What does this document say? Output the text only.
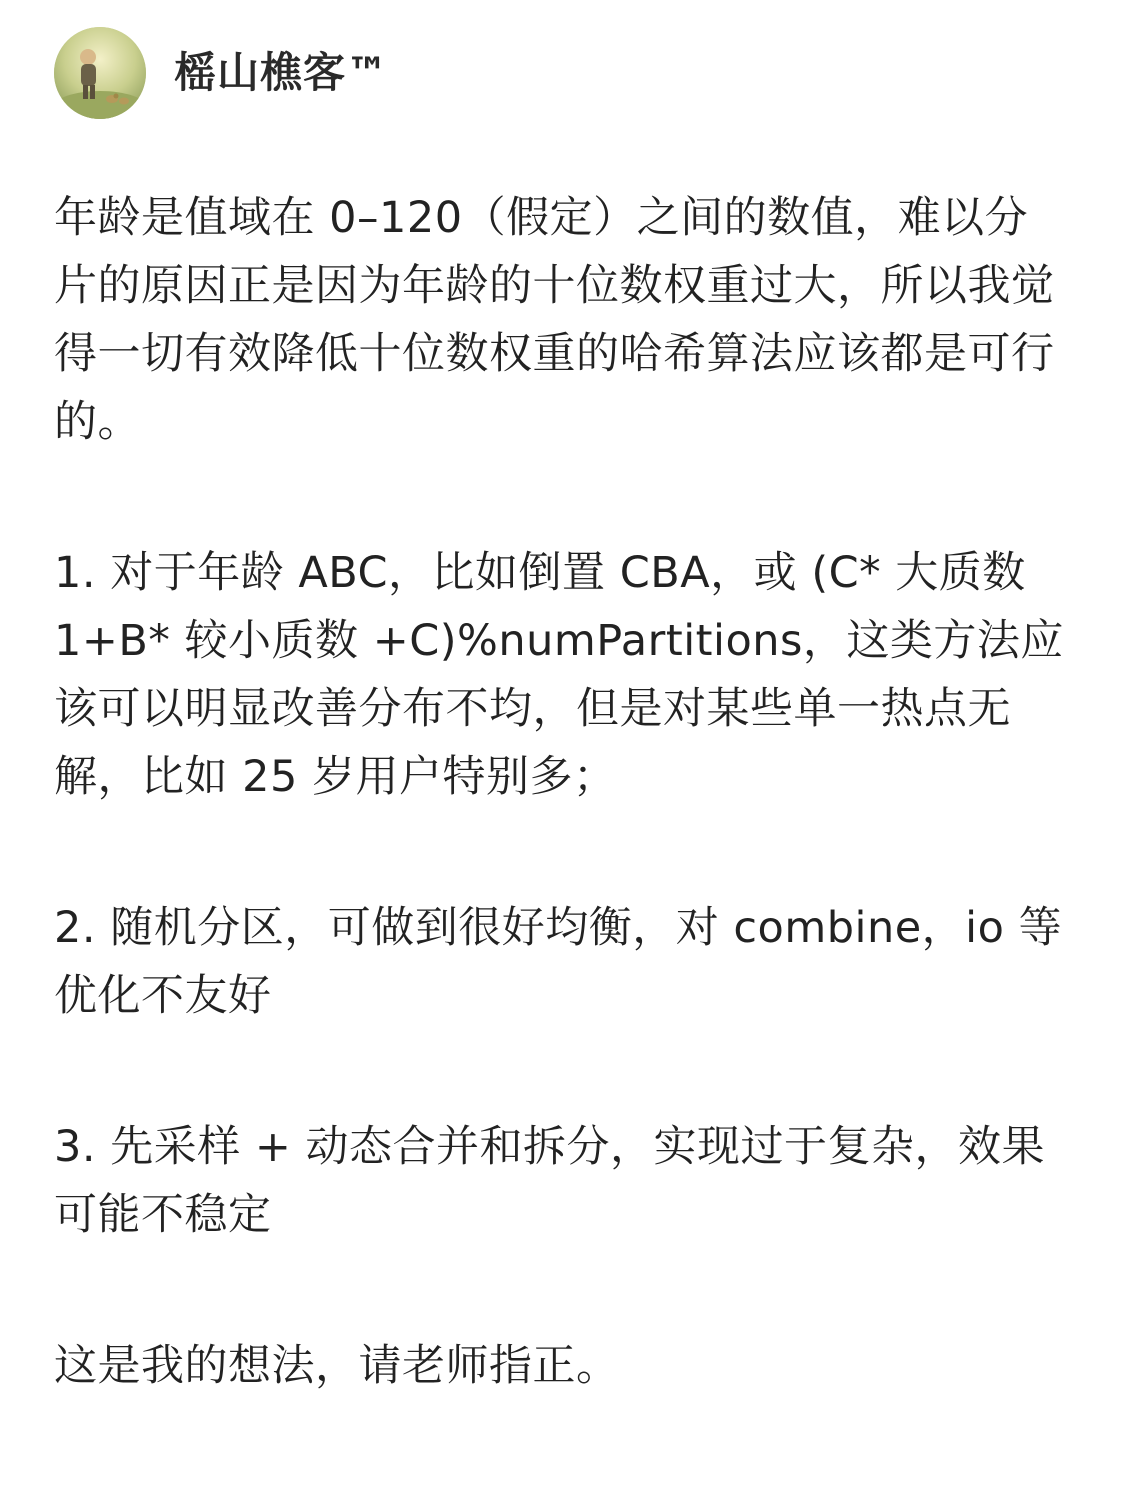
榣山樵客™

年龄是值域在 0–120（假定）之间的数值，难以分片的原因正是因为年龄的十位数权重过大，所以我觉得一切有效降低十位数权重的哈希算法应该都是可行的。

1. 对于年龄 ABC，比如倒置 CBA，或 (C* 大质数 1+B* 较小质数 +C)%numPartitions，这类方法应该可以明显改善分布不均，但是对某些单一热点无解，比如 25 岁用户特别多；

2. 随机分区，可做到很好均衡，对 combine，io 等优化不友好

3. 先采样 + 动态合并和拆分，实现过于复杂，效果可能不稳定

这是我的想法，请老师指正。
